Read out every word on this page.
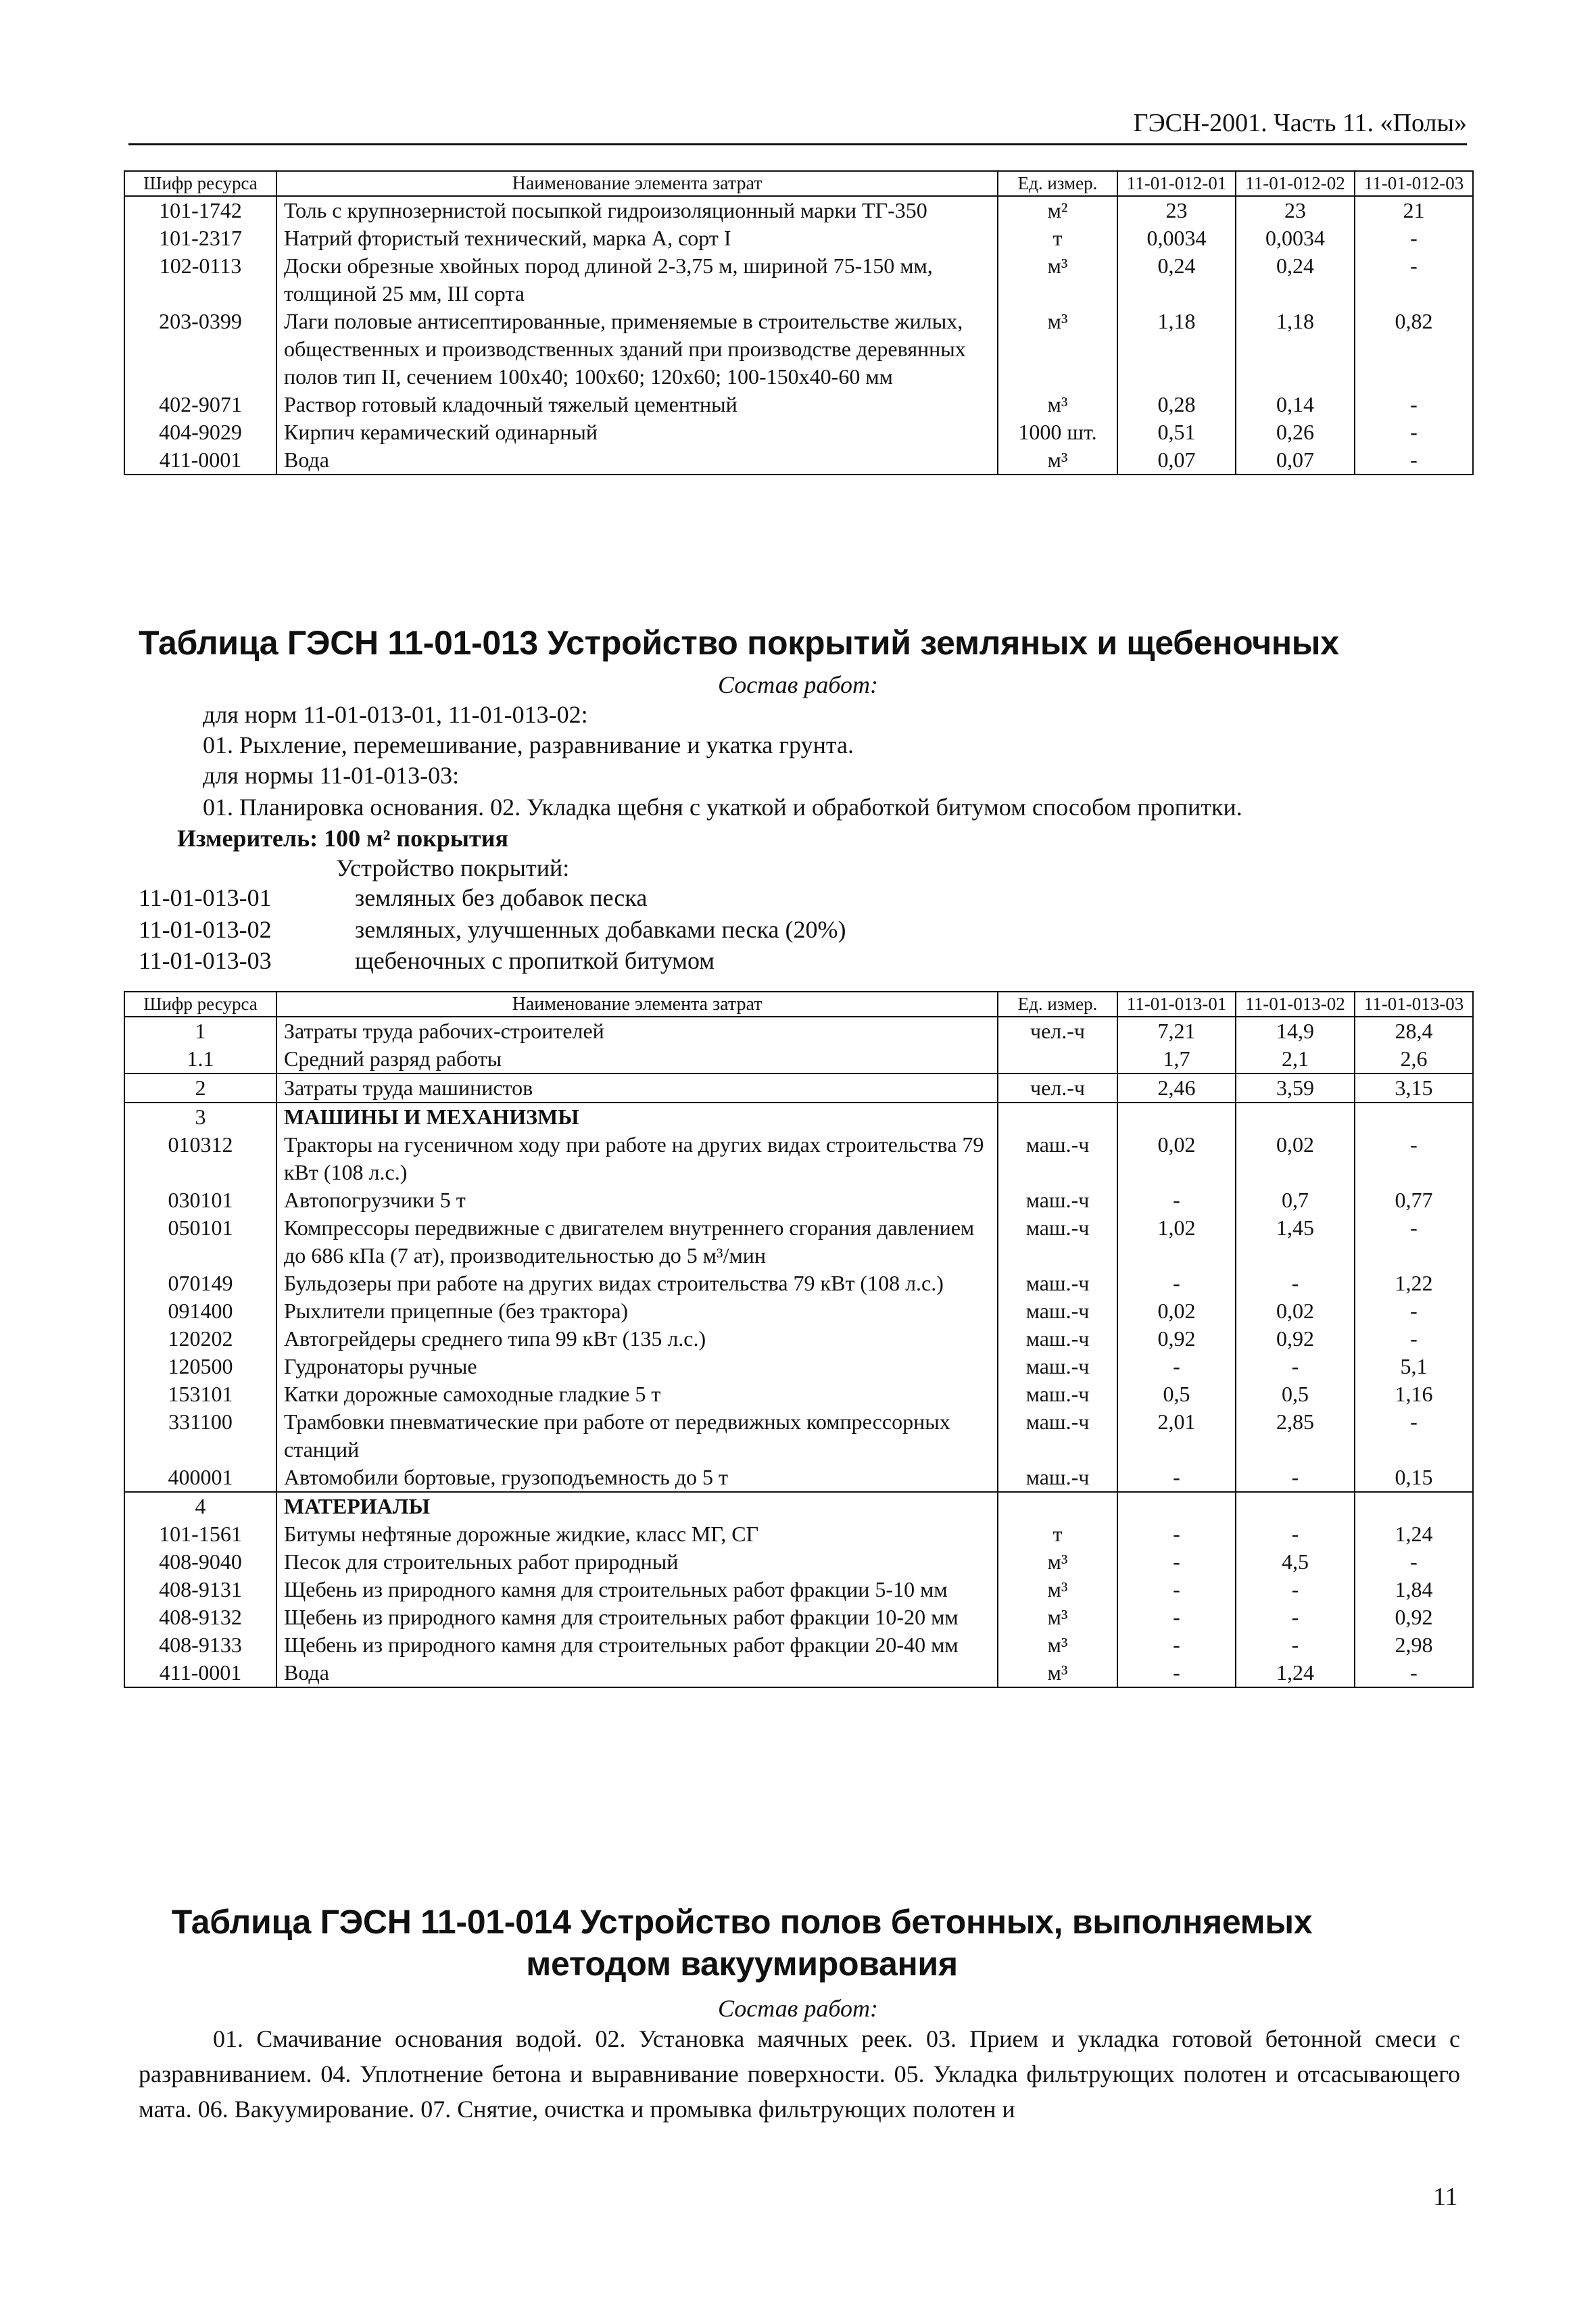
ГЭСН-2001. Часть 11. «Полы»
Шифр ресурса	Наименование элемента затрат	Ед. измер.	11-01-012-01	11-01-012-02	11-01-012-03
101-1742	Толь с крупнозернистой посыпкой гидроизоляционный марки ТГ-350	м²	23	23	21
101-2317	Натрий фтористый технический, марка А, сорт I	т	0,0034	0,0034	-
102-0113	Доски обрезные хвойных пород длиной 2-3,75 м, шириной 75-150 мм, толщиной 25 мм, III сорта	м³	0,24	0,24	-
203-0399	Лаги половые антисептированные, применяемые в строительстве жилых, общественных и производственных зданий при производстве деревянных полов тип II, сечением 100x40; 100x60; 120x60; 100-150x40-60 мм	м³	1,18	1,18	0,82
402-9071	Раствор готовый кладочный тяжелый цементный	м³	0,28	0,14	-
404-9029	Кирпич керамический одинарный	1000 шт.	0,51	0,26	-
411-0001	Вода	м³	0,07	0,07	-
Таблица ГЭСН 11-01-013 Устройство покрытий земляных и щебеночных
Состав работ:
для норм 11-01-013-01, 11-01-013-02:
01. Рыхление, перемешивание, разравнивание и укатка грунта.
для нормы 11-01-013-03:
01. Планировка основания. 02. Укладка щебня с укаткой и обработкой битумом способом пропитки.
Измеритель: 100 м² покрытия
Устройство покрытий:
11-01-013-01	земляных без добавок песка
11-01-013-02	земляных, улучшенных добавками песка (20%)
11-01-013-03	щебеночных с пропиткой битумом
Шифр ресурса	Наименование элемента затрат	Ед. измер.	11-01-013-01	11-01-013-02	11-01-013-03
1	Затраты труда рабочих-строителей	чел.-ч	7,21	14,9	28,4
1.1	Средний разряд работы		1,7	2,1	2,6
2	Затраты труда машинистов	чел.-ч	2,46	3,59	3,15
3	МАШИНЫ И МЕХАНИЗМЫ				
010312	Тракторы на гусеничном ходу при работе на других видах строительства 79 кВт (108 л.с.)	маш.-ч	0,02	0,02	-
030101	Автопогрузчики 5 т	маш.-ч	-	0,7	0,77
050101	Компрессоры передвижные с двигателем внутреннего сгорания давлением до 686 кПа (7 ат), производительностью до 5 м³/мин	маш.-ч	1,02	1,45	-
070149	Бульдозеры при работе на других видах строительства 79 кВт (108 л.с.)	маш.-ч	-	-	1,22
091400	Рыхлители прицепные (без трактора)	маш.-ч	0,02	0,02	-
120202	Автогрейдеры среднего типа 99 кВт (135 л.с.)	маш.-ч	0,92	0,92	-
120500	Гудронаторы ручные	маш.-ч	-	-	5,1
153101	Катки дорожные самоходные гладкие 5 т	маш.-ч	0,5	0,5	1,16
331100	Трамбовки пневматические при работе от передвижных компрессорных станций	маш.-ч	2,01	2,85	-
400001	Автомобили бортовые, грузоподъемность до 5 т	маш.-ч	-	-	0,15
4	МАТЕРИАЛЫ				
101-1561	Битумы нефтяные дорожные жидкие, класс МГ, СГ	т	-	-	1,24
408-9040	Песок для строительных работ природный	м³	-	4,5	-
408-9131	Щебень из природного камня для строительных работ фракции 5-10 мм	м³	-	-	1,84
408-9132	Щебень из природного камня для строительных работ фракции 10-20 мм	м³	-	-	0,92
408-9133	Щебень из природного камня для строительных работ фракции 20-40 мм	м³	-	-	2,98
411-0001	Вода	м³	-	1,24	-
Таблица ГЭСН 11-01-014 Устройство полов бетонных, выполняемых методом вакуумирования
Состав работ:
01. Смачивание основания водой. 02. Установка маячных реек. 03. Прием и укладка готовой бетонной смеси с разравниванием. 04. Уплотнение бетона и выравнивание поверхности. 05. Укладка фильтрующих полотен и отсасывающего мата. 06. Вакуумирование. 07. Снятие, очистка и промывка фильтрующих полотен и
11
